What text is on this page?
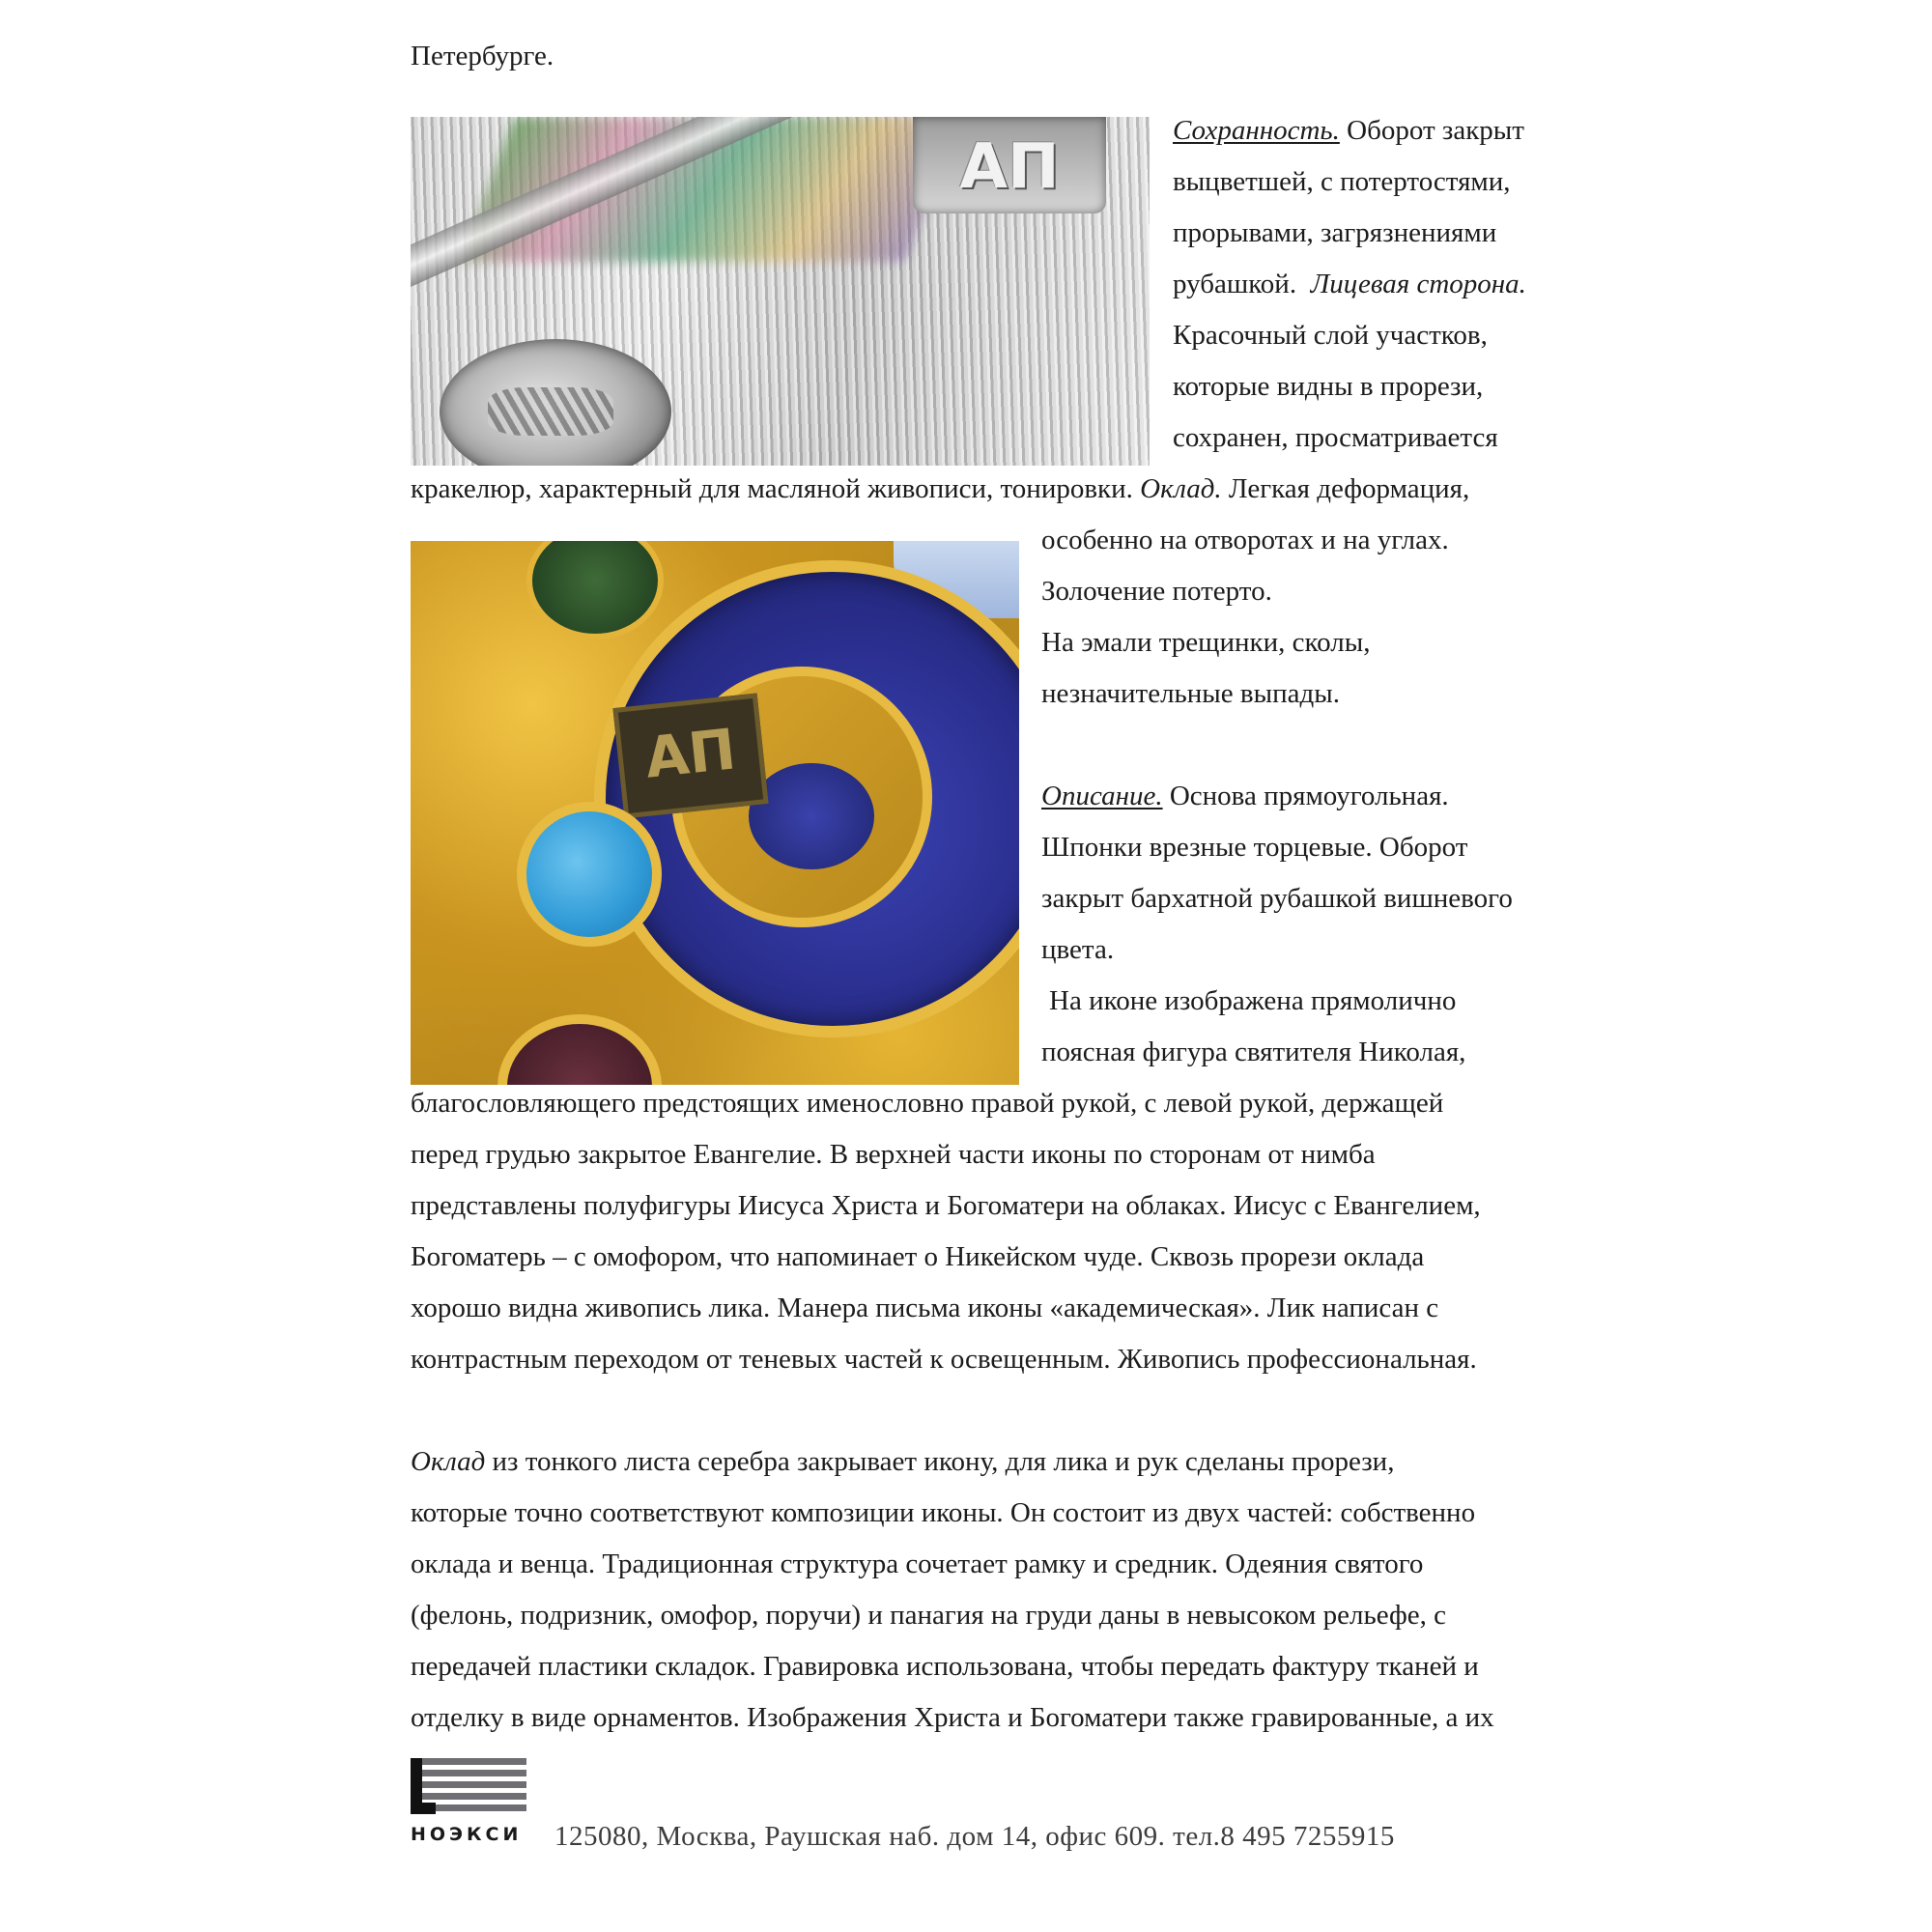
Петербурге.
АП
Сохранность. Оборот закрыт
выцветшей, с потертостями,
прорывами, загрязнениями
рубашкой. Лицевая сторона.
Красочный слой участков,
которые видны в прорези,
сохранен, просматривается
кракелюр, характерный для масляной живописи, тонировки. Оклад. Легкая деформация,
АП
особенно на отворотах и на углах.
Золочение потерто.
На эмали трещинки, сколы,
незначительные выпады.
Описание. Основа прямоугольная.
Шпонки врезные торцевые. Оборот
закрыт бархатной рубашкой вишневого
цвета.
На иконе изображена прямолично
поясная фигура святителя Николая,
благословляющего предстоящих именословно правой рукой, с левой рукой, держащей
перед грудью закрытое Евангелие. В верхней части иконы по сторонам от нимба
представлены полуфигуры Иисуса Христа и Богоматери на облаках. Иисус с Евангелием,
Богоматерь – с омофором, что напоминает о Никейском чуде. Сквозь прорези оклада
хорошо видна живопись лика. Манера письма иконы «академическая». Лик написан с
контрастным переходом от теневых частей к освещенным. Живопись профессиональная.
Оклад из тонкого листа серебра закрывает икону, для лика и рук сделаны прорези,
которые точно соответствуют композиции иконы. Он состоит из двух частей: собственно
оклада и венца. Традиционная структура сочетает рамку и средник. Одеяния святого
(фелонь, подризник, омофор, поручи) и панагия на груди даны в невысоком рельефе, с
передачей пластики складок. Гравировка использована, чтобы передать фактуру тканей и
отделку в виде орнаментов. Изображения Христа и Богоматери также гравированные, а их
НОЭКСИ	125080, Москва, Раушская наб. дом 14, офис 609. тел.8 495 7255915
